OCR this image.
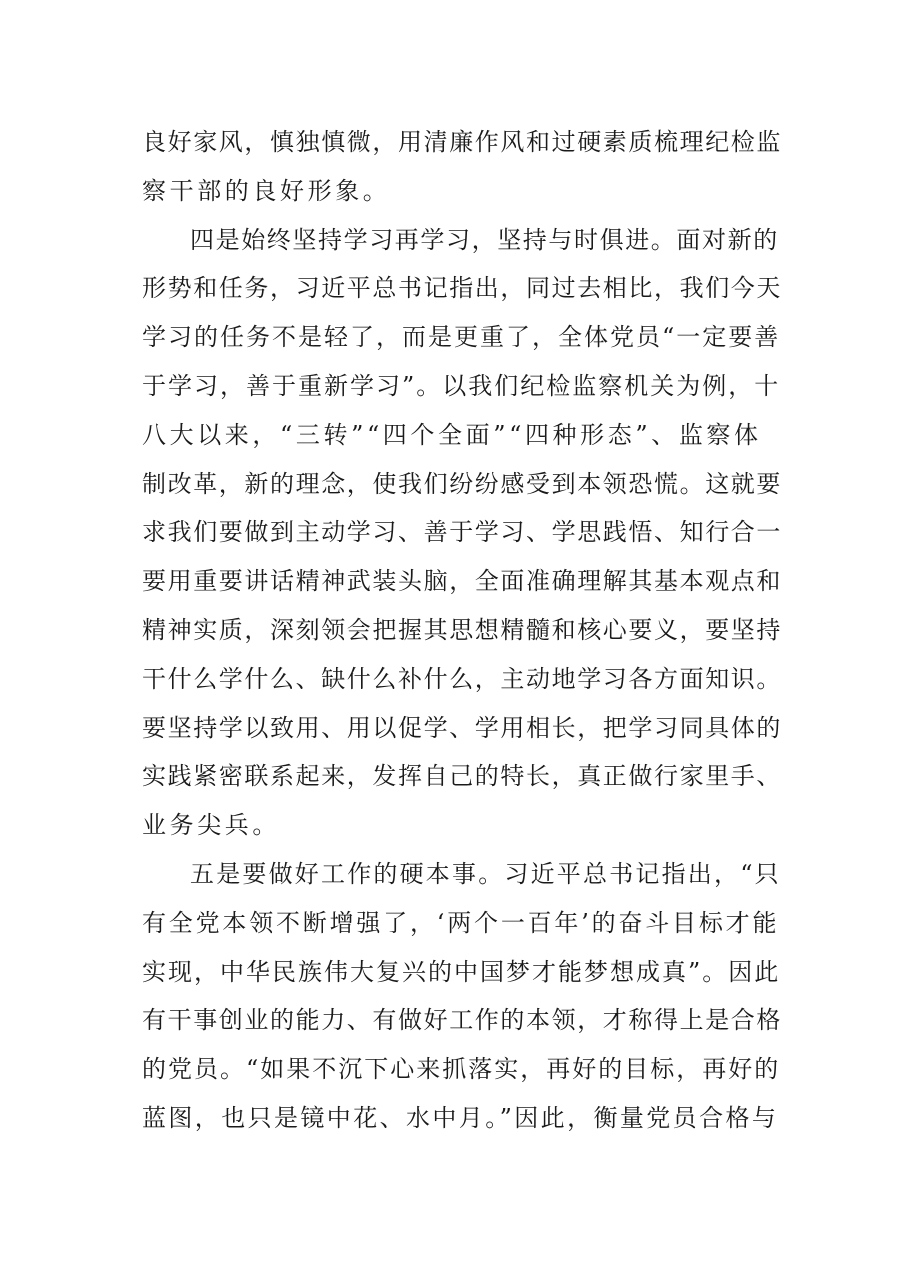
良好家风，慎独慎微，用清廉作风和过硬素质梳理纪检监
察干部的良好形象。
四是始终坚持学习再学习，坚持与时俱进。面对新的
形势和任务，习近平总书记指出，同过去相比，我们今天
学习的任务不是轻了，而是更重了，全体党员“一定要善
于学习，善于重新学习”。以我们纪检监察机关为例，十
八大以来，“三转”“四个全面”“四种形态”、监察体
制改革，新的理念，使我们纷纷感受到本领恐慌。这就要
求我们要做到主动学习、善于学习、学思践悟、知行合一
要用重要讲话精神武装头脑，全面准确理解其基本观点和
精神实质，深刻领会把握其思想精髓和核心要义，要坚持
干什么学什么、缺什么补什么，主动地学习各方面知识。
要坚持学以致用、用以促学、学用相长，把学习同具体的
实践紧密联系起来，发挥自己的特长，真正做行家里手、
业务尖兵。
五是要做好工作的硬本事。习近平总书记指出，“只
有全党本领不断增强了，‘两个一百年’的奋斗目标才能
实现，中华民族伟大复兴的中国梦才能梦想成真”。因此
有干事创业的能力、有做好工作的本领，才称得上是合格
的党员。“如果不沉下心来抓落实，再好的目标，再好的
蓝图，也只是镜中花、水中月。”因此，衡量党员合格与
